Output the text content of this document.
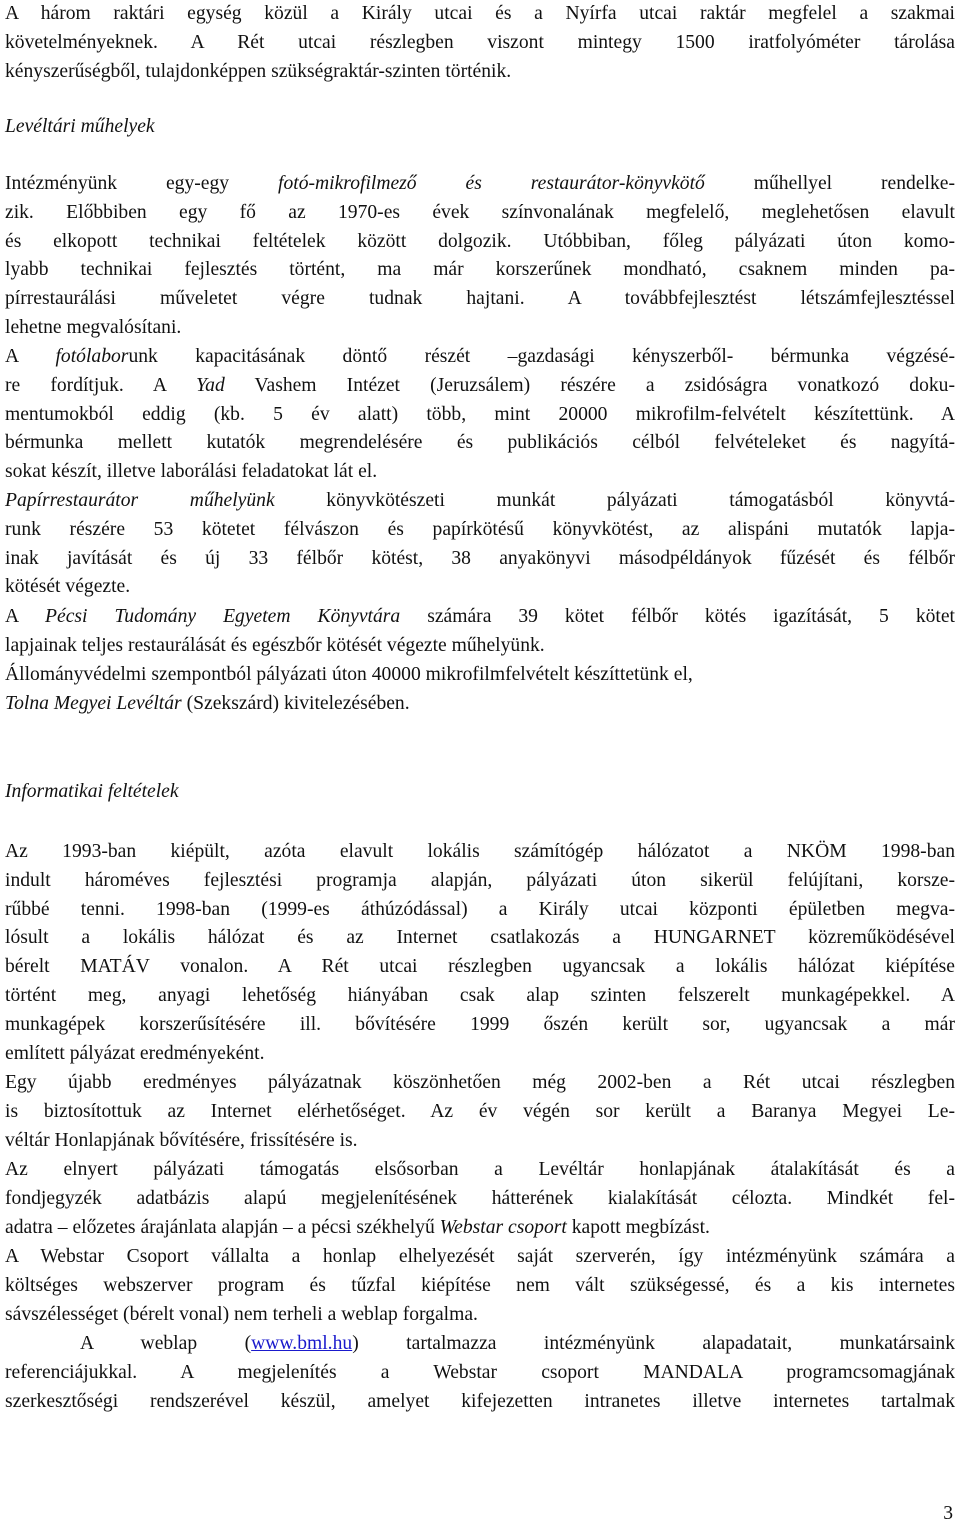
A három raktári egység közül a Király utcai és a Nyírfa utcai raktár megfelel a szakmai
követelményeknek. A Rét utcai részlegben viszont mintegy 1500 iratfolyóméter tárolása
kényszerűségből, tulajdonképpen szükségraktár-szinten történik.
Levéltári műhelyek
Intézményünk egy-egy fotó-mikrofilmező és restaurátor-könyvkötő műhellyel rendelke-
zik. Előbbiben egy fő az 1970-es évek színvonalának megfelelő, meglehetősen elavult
és elkopott technikai feltételek között dolgozik. Utóbbiban, főleg pályázati úton komo-
lyabb technikai fejlesztés történt, ma már korszerűnek mondható, csaknem minden pa-
pírrestaurálási műveletet végre tudnak hajtani. A továbbfejlesztést létszámfejlesztéssel
lehetne megvalósítani.
A fotólaborunk kapacitásának döntő részét –gazdasági kényszerből- bérmunka végzésé-
re fordítjuk. A Yad Vashem Intézet (Jeruzsálem) részére a zsidóságra vonatkozó doku-
mentumokból eddig (kb. 5 év alatt) több, mint 20000 mikrofilm-felvételt készítettünk. A
bérmunka mellett kutatók megrendelésére és publikációs célból felvételeket és nagyítá-
sokat készít, illetve laborálási feladatokat lát el.
Papírrestaurátor műhelyünk könyvkötészeti munkát pályázati támogatásból könyvtá-
runk részére 53 kötetet félvászon és papírkötésű könyvkötést, az alispáni mutatók lapja-
inak javítását és új 33 félbőr kötést, 38 anyakönyvi másodpéldányok fűzését és félbőr
kötését végezte.
A Pécsi Tudomány Egyetem Könyvtára számára 39 kötet félbőr kötés igazítását, 5 kötet
lapjainak teljes restaurálását és egészbőr kötését végezte műhelyünk.
Állományvédelmi szempontból pályázati úton 40000 mikrofilmfelvételt készíttetünk el,
Tolna Megyei Levéltár (Szekszárd) kivitelezésében.
Informatikai feltételek
Az 1993-ban kiépült, azóta elavult lokális számítógép hálózatot a NKÖM 1998-ban
indult hároméves fejlesztési programja alapján, pályázati úton sikerül felújítani, korsze-
rűbbé tenni. 1998-ban (1999-es áthúzódással) a Király utcai központi épületben megva-
lósult a lokális hálózat és az Internet csatlakozás a HUNGARNET közreműködésével
bérelt MATÁV vonalon. A Rét utcai részlegben ugyancsak a lokális hálózat kiépítése
történt meg, anyagi lehetőség hiányában csak alap szinten felszerelt munkagépekkel. A
munkagépek korszerűsítésére ill. bővítésére 1999 őszén került sor, ugyancsak a már
említett pályázat eredményeként.
Egy újabb eredményes pályázatnak köszönhetően még 2002-ben a Rét utcai részlegben
is biztosítottuk az Internet elérhetőséget. Az év végén sor került a Baranya Megyei Le-
véltár Honlapjának bővítésére, frissítésére is.
Az elnyert pályázati támogatás elsősorban a Levéltár honlapjának átalakítását és a
fondjegyzék adatbázis alapú megjelenítésének hátterének kialakítását célozta. Mindkét fel-
adatra – előzetes árajánlata alapján – a pécsi székhelyű Webstar csoport kapott megbízást.
A Webstar Csoport vállalta a honlap elhelyezését saját szerverén, így intézményünk számára a
költséges webszerver program és tűzfal kiépítése nem vált szükségessé, és a kis internetes
sávszélességet (bérelt vonal) nem terheli a weblap forgalma.
A weblap (www.bml.hu) tartalmazza intézményünk alapadatait, munkatársaink
referenciájukkal. A megjelenítés a Webstar csoport MANDALA programcsomagjának
szerkesztőségi rendszerével készül, amelyet kifejezetten intranetes illetve internetes tartalmak
3
